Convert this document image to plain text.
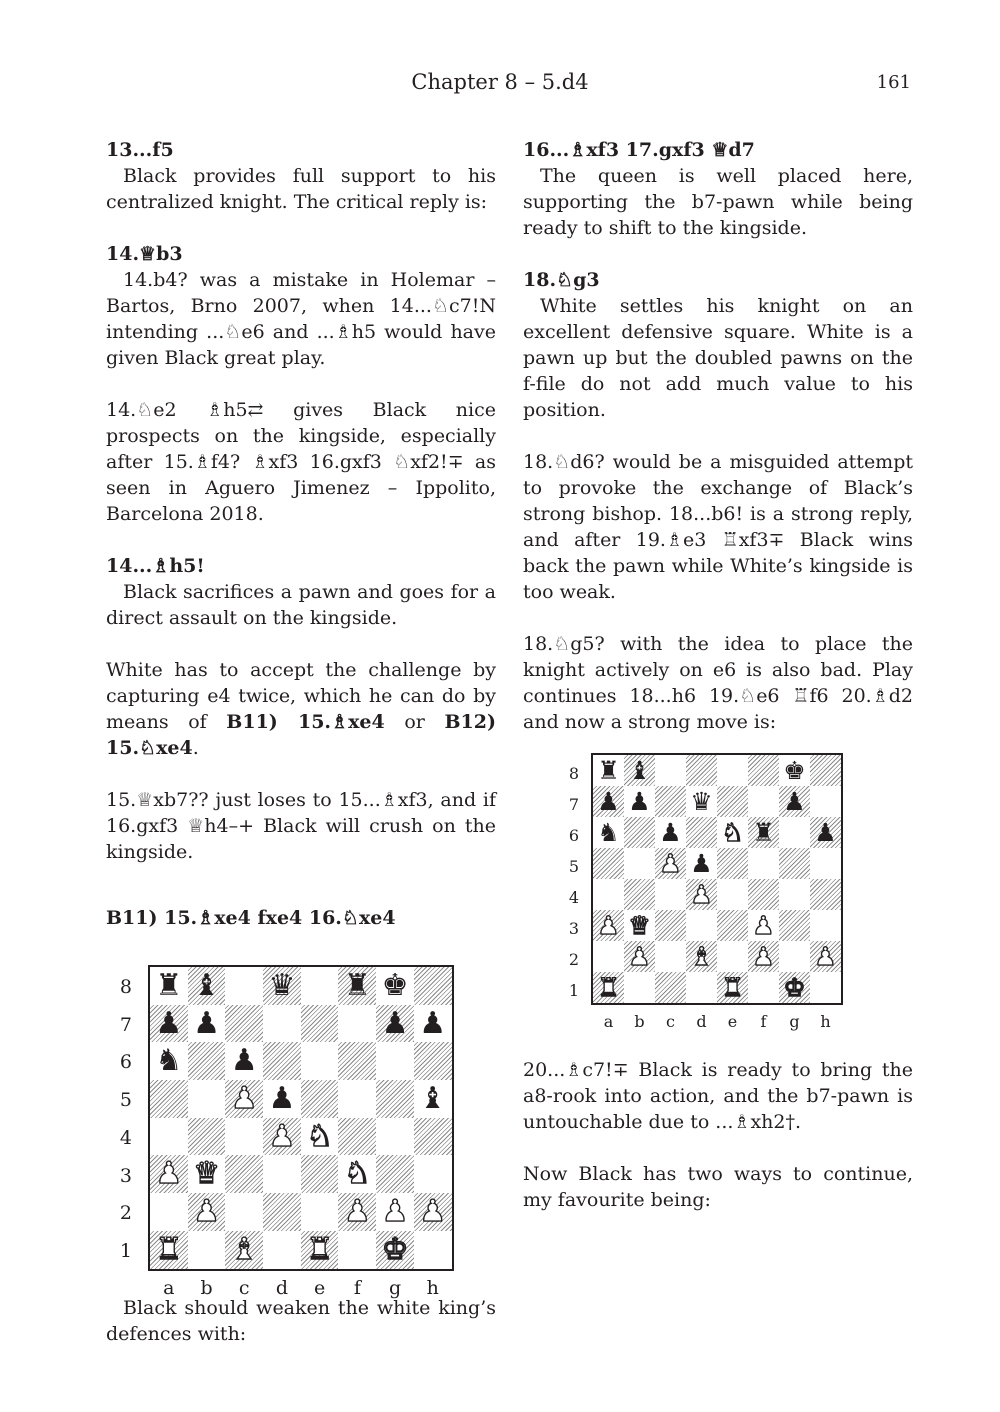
Chapter 8 – 5.d4	161
13...f5

Black provides full support to his centralized knight. The critical reply is:

14.♕b3

14.b4? was a mistake in Holemar – Bartos, Brno 2007, when 14...♘c7!N intending ...♘e6 and ...♗h5 would have given Black great play.

14.♘e2 ♗h5⇄ gives Black nice prospects on the kingside, especially after 15.♗f4? ♗xf3 16.gxf3 ♘xf2!∓ as seen in Aguero Jimenez – Ippolito, Barcelona 2018.

14...♗h5!

Black sacrifices a pawn and goes for a direct assault on the kingside.

White has to accept the challenge by capturing e4 twice, which he can do by means of B11) 15.♗xe4 or B12) 15.♘xe4.

15.♕xb7?? just loses to 15...♗xf3, and if 16.gxf3 ♕h4–+ Black will crush on the kingside.

B11) 15.♗xe4 fxe4 16.♘xe4

♜ ♝ ♛ ♜ ♚
♟ ♟	♟ ♟
♞ ♟
♟ ♟	♝
♟ ♞
♟ ♛	♞
♟	♟ ♟ ♟
♜ ♝ ♜ ♚
8
7
6
5
4
3
2
1
a	b	c	d	e	f	g	h

Black should weaken the white king’s defences with:

16...♗xf3 17.gxf3 ♕d7

The queen is well placed here, supporting the b7-pawn while being ready to shift to the kingside.

18.♘g3

White settles his knight on an excellent defensive square. White is a pawn up but the doubled pawns on the f-file do not add much value to his position.

18.♘d6? would be a misguided attempt to provoke the exchange of Black’s strong bishop. 18...b6! is a strong reply, and after 19.♗e3 ♖xf3∓ Black wins back the pawn while White’s kingside is too weak.

18.♘g5? with the idea to place the knight actively on e6 is also bad. Play continues 18...h6 19.♘e6 ♖f6 20.♗d2 and now a strong move is:

♜ ♝	♚
♟ ♟ ♛	♟
♞ ♟ ♞ ♜ ♟
♟ ♟
♟
♟ ♛	♟
♟ ♝ ♟ ♟
♜	♜ ♚
8
7
6
5
4
3
2
1
a	b	c	d	e	f	g	h

20...♗c7!∓ Black is ready to bring the a8-rook into action, and the b7-pawn is untouchable due to ...♗xh2†.

Now Black has two ways to continue, my favourite being:
